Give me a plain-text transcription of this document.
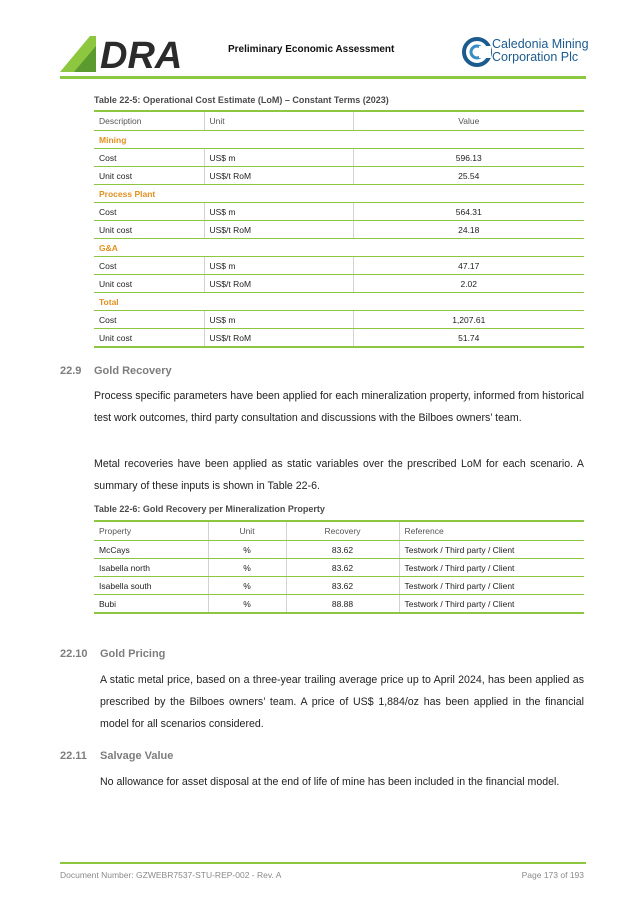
DRA	Preliminary Economic Assessment	Caledonia Mining
Corporation Plc
Table 22-5: Operational Cost Estimate (LoM) – Constant Terms (2023)
Description	Unit	Value
Mining		
Cost	US$ m	596.13
Unit cost	US$/t RoM	25.54
Process Plant		
Cost	US$ m	564.31
Unit cost	US$/t RoM	24.18
G&A		
Cost	US$ m	47.17
Unit cost	US$/t RoM	2.02
Total		
Cost	US$ m	1,207.61
Unit cost	US$/t RoM	51.74
22.9 Gold Recovery

Process specific parameters have been applied for each mineralization property, informed from historical test work outcomes, third party consultation and discussions with the Bilboes owners’ team.

Metal recoveries have been applied as static variables over the prescribed LoM for each scenario. A summary of these inputs is shown in Table 22-6.

Table 22-6: Gold Recovery per Mineralization Property
Property	Unit	Recovery	Reference
McCays	%	83.62	Testwork / Third party / Client
Isabella north	%	83.62	Testwork / Third party / Client
Isabella south	%	83.62	Testwork / Third party / Client
Bubi	%	88.88	Testwork / Third party / Client
22.10 Gold Pricing

A static metal price, based on a three-year trailing average price up to April 2024, has been applied as prescribed by the Bilboes owners’ team. A price of US$ 1,884/oz has been applied in the financial model for all scenarios considered.

22.11 Salvage Value

No allowance for asset disposal at the end of life of mine has been included in the financial model.

Document Number: GZWEBR7537-STU-REP-002 - Rev. A	Page 173 of 193
